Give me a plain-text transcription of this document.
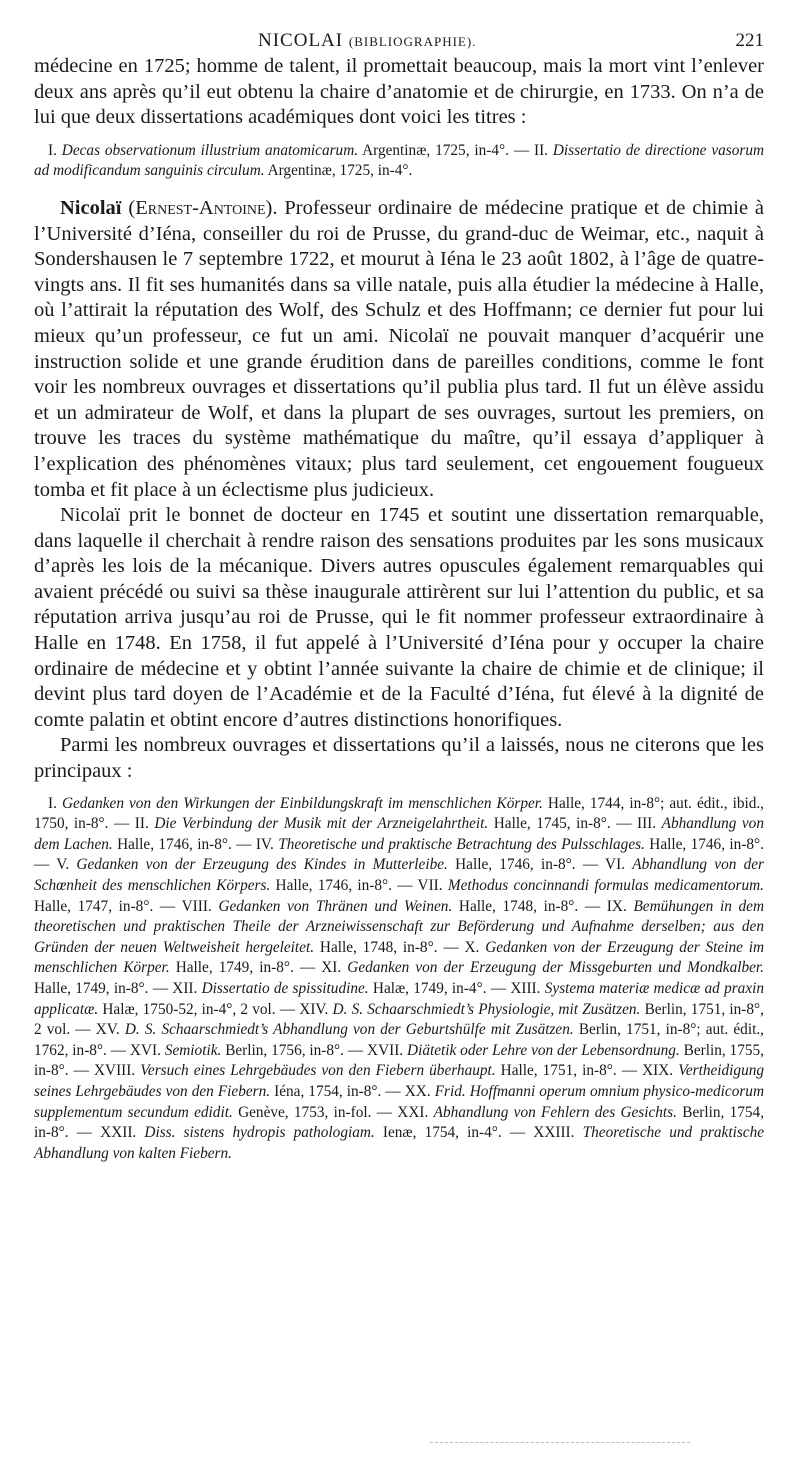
NICOLAI (BIBLIOGRAPHIE).	221

médecine en 1725; homme de talent, il promettait beaucoup, mais la mort vint l’enlever deux ans après qu’il eut obtenu la chaire d’anatomie et de chirurgie, en 1733. On n’a de lui que deux dissertations académiques dont voici les titres :

I. Decas observationum illustrium anatomicarum. Argentinæ, 1725, in-4°. — II. Dissertatio de directione vasorum ad modificandum sanguinis circulum. Argentinæ, 1725, in-4°.

Nicolaï (Ernest-Antoine). Professeur ordinaire de médecine pratique et de chimie à l’Université d’Iéna, conseiller du roi de Prusse, du grand-duc de Weimar, etc., naquit à Sondershausen le 7 septembre 1722, et mourut à Iéna le 23 août 1802, à l’âge de quatre-vingts ans. Il fit ses humanités dans sa ville natale, puis alla étudier la médecine à Halle, où l’attirait la réputation des Wolf, des Schulz et des Hoffmann; ce dernier fut pour lui mieux qu’un professeur, ce fut un ami. Nicolaï ne pouvait manquer d’acquérir une instruction solide et une grande érudition dans de pareilles conditions, comme le font voir les nombreux ouvrages et dissertations qu’il publia plus tard. Il fut un élève assidu et un admirateur de Wolf, et dans la plupart de ses ouvrages, surtout les premiers, on trouve les traces du système mathématique du maître, qu’il essaya d’appliquer à l’explication des phénomènes vitaux; plus tard seulement, cet engouement fougueux tomba et fit place à un éclectisme plus judicieux.

Nicolaï prit le bonnet de docteur en 1745 et soutint une dissertation remarquable, dans laquelle il cherchait à rendre raison des sensations produites par les sons musicaux d’après les lois de la mécanique. Divers autres opuscules également remarquables qui avaient précédé ou suivi sa thèse inaugurale attirèrent sur lui l’attention du public, et sa réputation arriva jusqu’au roi de Prusse, qui le fit nommer professeur extraordinaire à Halle en 1748. En 1758, il fut appelé à l’Université d’Iéna pour y occuper la chaire ordinaire de médecine et y obtint l’année suivante la chaire de chimie et de clinique; il devint plus tard doyen de l’Académie et de la Faculté d’Iéna, fut élevé à la dignité de comte palatin et obtint encore d’autres distinctions honorifiques.

Parmi les nombreux ouvrages et dissertations qu’il a laissés, nous ne citerons que les principaux :

I. Gedanken von den Wirkungen der Einbildungskraft im menschlichen Körper. Halle, 1744, in-8°; aut. édit., ibid., 1750, in-8°. — II. Die Verbindung der Musik mit der Arzneigelahrtheit. Halle, 1745, in-8°. — III. Abhandlung von dem Lachen. Halle, 1746, in-8°. — IV. Theoretische und praktische Betrachtung des Pulsschlages. Halle, 1746, in-8°. — V. Gedanken von der Erzeugung des Kindes in Mutterleibe. Halle, 1746, in-8°. — VI. Abhandlung von der Schœnheit des menschlichen Körpers. Halle, 1746, in-8°. — VII. Methodus concinnandi formulas medicamentorum. Halle, 1747, in-8°. — VIII. Gedanken von Thränen und Weinen. Halle, 1748, in-8°. — IX. Bemühungen in dem theoretischen und praktischen Theile der Arzneiwissenschaft zur Beförderung und Aufnahme derselben; aus den Gründen der neuen Weltweisheit hergeleitet. Halle, 1748, in-8°. — X. Gedanken von der Erzeugung der Steine im menschlichen Körper. Halle, 1749, in-8°. — XI. Gedanken von der Erzeugung der Missgeburten und Mondkalber. Halle, 1749, in-8°. — XII. Dissertatio de spissitudine. Halæ, 1749, in-4°. — XIII. Systema materiæ medicæ ad praxin applicatæ. Halæ, 1750-52, in-4°, 2 vol. — XIV. D. S. Schaarschmiedt’s Physiologie, mit Zusätzen. Berlin, 1751, in-8°, 2 vol. — XV. D. S. Schaarschmiedt’s Abhandlung von der Geburtshülfe mit Zusätzen. Berlin, 1751, in-8°; aut. édit., 1762, in-8°. — XVI. Semiotik. Berlin, 1756, in-8°. — XVII. Diätetik oder Lehre von der Lebensordnung. Berlin, 1755, in-8°. — XVIII. Versuch eines Lehrgebäudes von den Fiebern überhaupt. Halle, 1751, in-8°. — XIX. Vertheidigung seines Lehrgebäudes von den Fiebern. Iéna, 1754, in-8°. — XX. Frid. Hoffmanni operum omnium physico-medicorum supplementum secundum edidit. Genève, 1753, in-fol. — XXI. Abhandlung von Fehlern des Gesichts. Berlin, 1754, in-8°. — XXII. Diss. sistens hydropis pathologiam. Ienæ, 1754, in-4°. — XXIII. Theoretische und praktische Abhandlung von kalten Fiebern.
